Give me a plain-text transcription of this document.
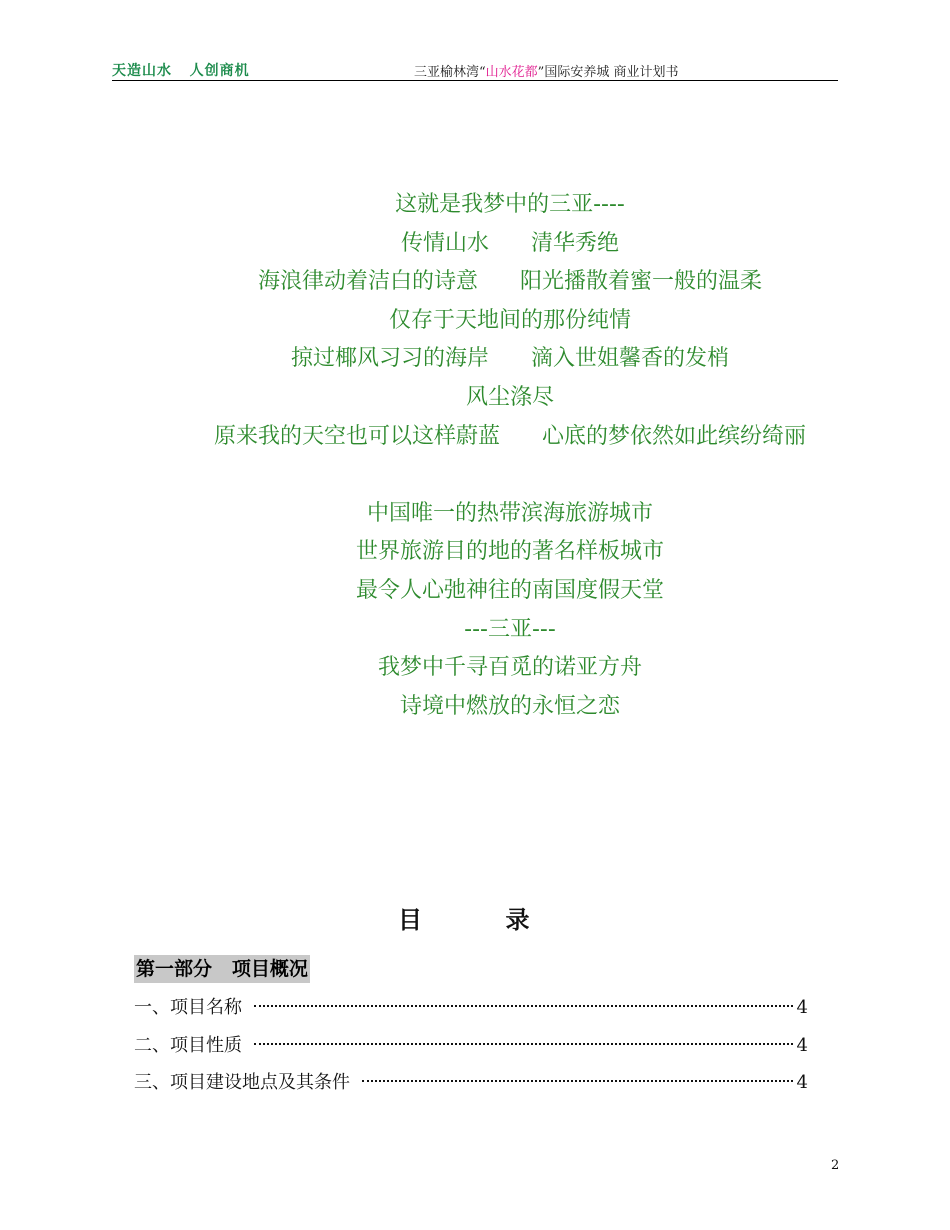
天造山水   人创商机	三亚榆林湾“山水花都”国际安养城 商业计划书
这就是我梦中的三亚----
传情山水      清华秀绝
海浪律动着洁白的诗意      阳光播散着蜜一般的温柔
仅存于天地间的那份纯情
掠过椰风习习的海岸      滴入世姐馨香的发梢
风尘涤尽
原来我的天空也可以这样蔚蓝      心底的梦依然如此缤纷绮丽
中国唯一的热带滨海旅游城市
世界旅游目的地的著名样板城市
最令人心弛神往的南国度假天堂
---三亚---
我梦中千寻百觅的诺亚方舟
诗境中燃放的永恒之恋
目          录
第一部分   项目概况
一、项目名称	4
二、项目性质	4
三、项目建设地点及其条件	4
2
